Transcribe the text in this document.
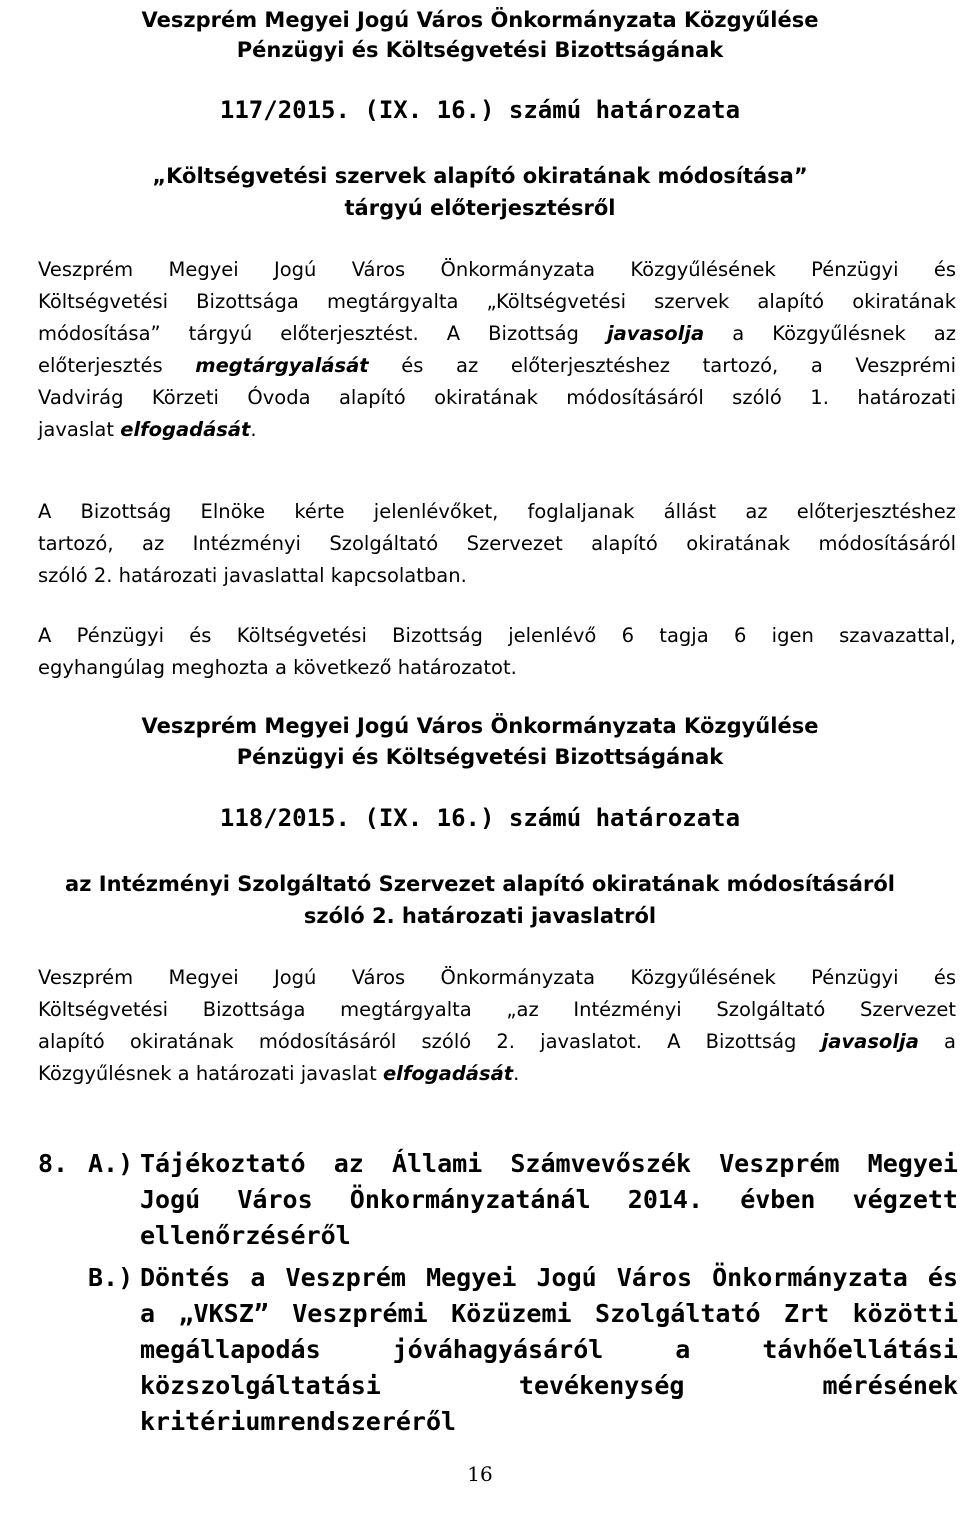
Veszprém Megyei Jogú Város Önkormányzata Közgyűlése
Pénzügyi és Költségvetési Bizottságának
117/2015. (IX. 16.) számú határozata
„Költségvetési szervek alapító okiratának módosítása”
tárgyú előterjesztésről
Veszprém Megyei Jogú Város Önkormányzata Közgyűlésének Pénzügyi és
Költségvetési Bizottsága megtárgyalta „Költségvetési szervek alapító okiratának
módosítása” tárgyú előterjesztést. A Bizottság javasolja a Közgyűlésnek az
előterjesztés megtárgyalását és az előterjesztéshez tartozó, a Veszprémi
Vadvirág Körzeti Óvoda alapító okiratának módosításáról szóló 1. határozati
javaslat elfogadását.
A Bizottság Elnöke kérte jelenlévőket, foglaljanak állást az előterjesztéshez
tartozó, az Intézményi Szolgáltató Szervezet alapító okiratának módosításáról
szóló 2. határozati javaslattal kapcsolatban.
A Pénzügyi és Költségvetési Bizottság jelenlévő 6 tagja 6 igen szavazattal,
egyhangúlag meghozta a következő határozatot.
Veszprém Megyei Jogú Város Önkormányzata Közgyűlése
Pénzügyi és Költségvetési Bizottságának
118/2015. (IX. 16.) számú határozata
az Intézményi Szolgáltató Szervezet alapító okiratának módosításáról
szóló 2. határozati javaslatról
Veszprém Megyei Jogú Város Önkormányzata Közgyűlésének Pénzügyi és
Költségvetési Bizottsága megtárgyalta „az Intézményi Szolgáltató Szervezet
alapító okiratának módosításáról szóló 2. javaslatot. A Bizottság javasolja a
Közgyűlésnek a határozati javaslat elfogadását.
8. A.) Tájékoztató az Állami Számvevőszék Veszprém Megyei
Jogú Város Önkormányzatánál 2014. évben végzett
ellenőrzéséről
B.) Döntés a Veszprém Megyei Jogú Város Önkormányzata és
a „VKSZ” Veszprémi Közüzemi Szolgáltató Zrt közötti
megállapodás jóváhagyásáról a távhőellátási
közszolgáltatási tevékenység mérésének
kritériumrendszeréről
16
